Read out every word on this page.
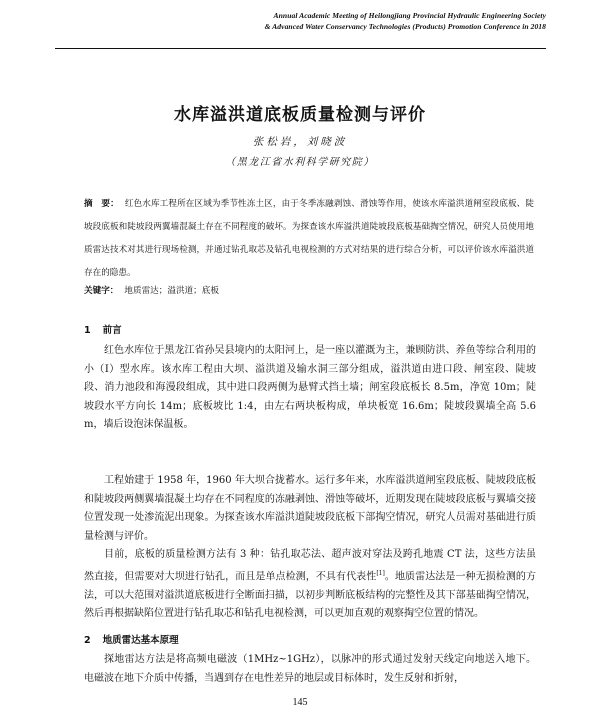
Annual Academic Meeting of Heilongjiang Provincial Hydraulic Engineering Society
& Advanced Water Conservancy Technologies (Products) Promotion Conference in 2018
水库溢洪道底板质量检测与评价
张松岩，刘晓波
（黑龙江省水利科学研究院）
摘　要： 红色水库工程所在区域为季节性冻土区，由于冬季冻融剥蚀、滑蚀等作用，使该水库溢洪道闸室段底板、陡坡段底板和陡坡段两翼墙混凝土存在不同程度的破坏。为探查该水库溢洪道陡坡段底板基础掏空情况，研究人员使用地质雷达技术对其进行现场检测，并通过钻孔取芯及钻孔电视检测的方式对结果的进行综合分析，可以评价该水库溢洪道存在的隐患。
关键字： 地质雷达；溢洪道；底板
1 前言

红色水库位于黑龙江省孙吴县境内的太阳河上，是一座以灌溉为主，兼顾防洪、养鱼等综合利用的小（I）型水库。该水库工程由大坝、溢洪道及输水洞三部分组成，溢洪道由进口段、闸室段、陡坡段、消力池段和海漫段组成，其中进口段两侧为悬臂式挡土墙；闸室段底板长 8.5m，净宽 10m；陡坡段水平方向长 14m；底板坡比 1:4，由左右两块板构成，单块板宽 16.6m；陡坡段翼墙全高 5.6m，墙后设泡沫保温板。

工程始建于 1958 年，1960 年大坝合拢蓄水。运行多年来，水库溢洪道闸室段底板、陡坡段底板和陡坡段两侧翼墙混凝土均存在不同程度的冻融剥蚀、滑蚀等破坏，近期发现在陡坡段底板与翼墙交接位置发现一处渗流泥出现象。为探查该水库溢洪道陡坡段底板下部掏空情况，研究人员需对基础进行质量检测与评价。

目前，底板的质量检测方法有 3 种：钻孔取芯法、超声波对穿法及跨孔地震 CT 法，这些方法虽然直接，但需要对大坝进行钻孔，而且是单点检测，不具有代表性[1]。地质雷达法是一种无损检测的方法，可以大范围对溢洪道底板进行全断面扫描，以初步判断底板结构的完整性及其下部基础掏空情况，然后再根据缺陷位置进行钻孔取芯和钻孔电视检测，可以更加直观的观察掏空位置的情况。

2 地质雷达基本原理

探地雷达方法是将高频电磁波（1MHz~1GHz），以脉冲的形式通过发射天线定向地送入地下。电磁波在地下介质中传播，当遇到存在电性差异的地层或目标体时，发生反射和折射，

145
